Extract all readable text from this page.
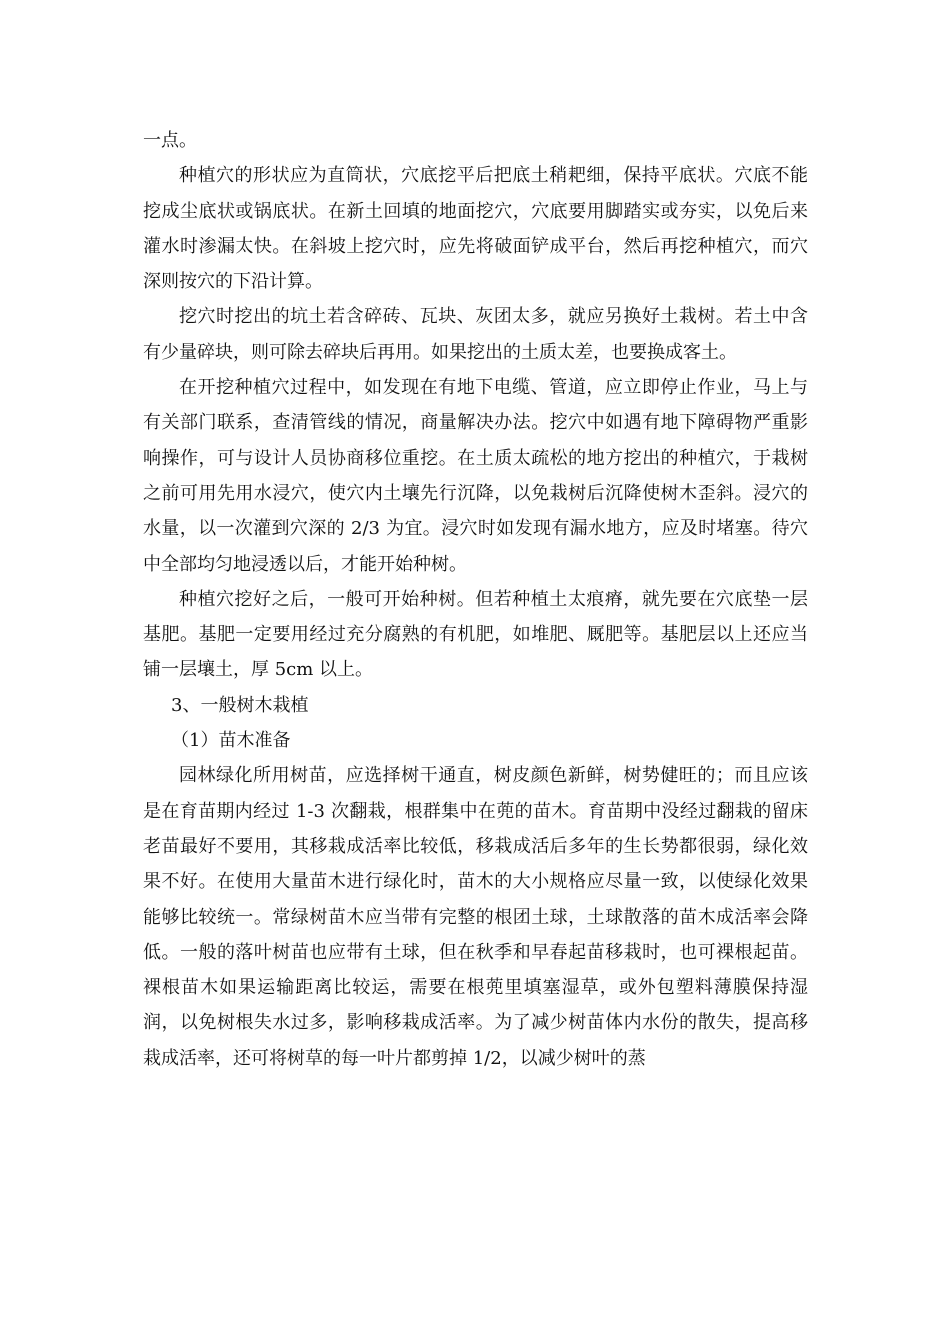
一点。

种植穴的形状应为直筒状，穴底挖平后把底土稍耙细，保持平底状。穴底不能挖成尘底状或锅底状。在新土回填的地面挖穴，穴底要用脚踏实或夯实，以免后来灌水时渗漏太快。在斜坡上挖穴时，应先将破面铲成平台，然后再挖种植穴，而穴深则按穴的下沿计算。

挖穴时挖出的坑土若含碎砖、瓦块、灰团太多，就应另换好土栽树。若土中含有少量碎块，则可除去碎块后再用。如果挖出的土质太差，也要换成客土。

在开挖种植穴过程中，如发现在有地下电缆、管道，应立即停止作业，马上与有关部门联系，查清管线的情况，商量解决办法。挖穴中如遇有地下障碍物严重影响操作，可与设计人员协商移位重挖。在土质太疏松的地方挖出的种植穴，于栽树之前可用先用水浸穴，使穴内土壤先行沉降，以免栽树后沉降使树木歪斜。浸穴的水量，以一次灌到穴深的 2/3 为宜。浸穴时如发现有漏水地方，应及时堵塞。待穴中全部均匀地浸透以后，才能开始种树。

种植穴挖好之后，一般可开始种树。但若种植土太痕瘠，就先要在穴底垫一层基肥。基肥一定要用经过充分腐熟的有机肥，如堆肥、厩肥等。基肥层以上还应当铺一层壤土，厚 5cm 以上。

3、一般树木栽植

（1）苗木准备

园林绿化所用树苗，应选择树干通直，树皮颜色新鲜，树势健旺的；而且应该是在育苗期内经过 1-3 次翻栽，根群集中在蔸的苗木。育苗期中没经过翻栽的留床老苗最好不要用，其移栽成活率比较低，移栽成活后多年的生长势都很弱，绿化效果不好。在使用大量苗木进行绿化时，苗木的大小规格应尽量一致，以使绿化效果能够比较统一。常绿树苗木应当带有完整的根团土球，土球散落的苗木成活率会降低。一般的落叶树苗也应带有土球，但在秋季和早春起苗移栽时，也可裸根起苗。裸根苗木如果运输距离比较运，需要在根蔸里填塞湿草，或外包塑料薄膜保持湿润，以免树根失水过多，影响移栽成活率。为了减少树苗体内水份的散失，提高移栽成活率，还可将树草的每一叶片都剪掉 1/2，以减少树叶的蒸
